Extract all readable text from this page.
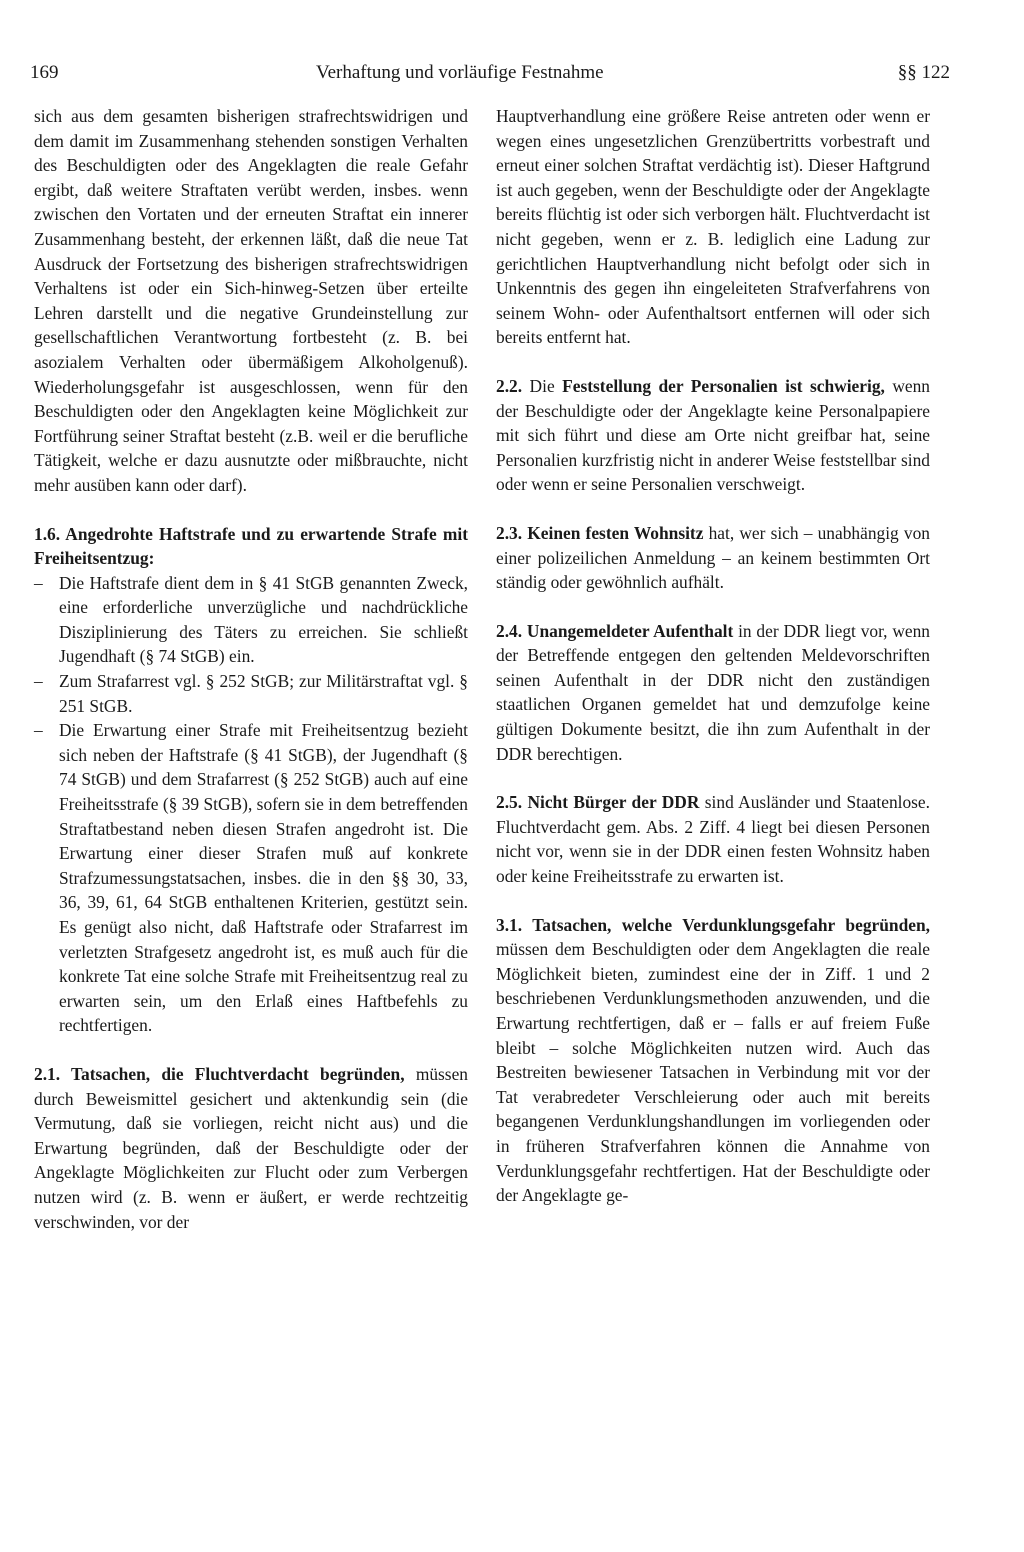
169	Verhaftung und vorläufige Festnahme	§§ 122

sich aus dem gesamten bisherigen strafrechtswidrigen und dem damit im Zusammenhang stehenden sonstigen Verhalten des Beschuldigten oder des Angeklagten die reale Gefahr ergibt, daß weitere Straftaten verübt werden, insbes. wenn zwischen den Vortaten und der erneuten Straftat ein innerer Zusammenhang besteht, der erkennen läßt, daß die neue Tat Ausdruck der Fortsetzung des bisherigen strafrechtswidrigen Verhaltens ist oder ein Sich-hinweg-Setzen über erteilte Lehren darstellt und die negative Grundeinstellung zur gesellschaftlichen Verantwortung fortbesteht (z. B. bei asozialem Verhalten oder übermäßigem Alkoholgenuß). Wiederholungsgefahr ist ausgeschlossen, wenn für den Beschuldigten oder den Angeklagten keine Möglichkeit zur Fortführung seiner Straftat besteht (z.B. weil er die berufliche Tätigkeit, welche er dazu ausnutzte oder mißbrauchte, nicht mehr ausüben kann oder darf).

1.6. Angedrohte Haftstrafe und zu erwartende Strafe mit Freiheitsentzug:

– Die Haftstrafe dient dem in § 41 StGB genannten Zweck, eine erforderliche unverzügliche und nachdrückliche Disziplinierung des Täters zu erreichen. Sie schließt Jugendhaft (§ 74 StGB) ein.
– Zum Strafarrest vgl. § 252 StGB; zur Militärstraftat vgl. § 251 StGB.
– Die Erwartung einer Strafe mit Freiheitsentzug bezieht sich neben der Haftstrafe (§ 41 StGB), der Jugendhaft (§ 74 StGB) und dem Strafarrest (§ 252 StGB) auch auf eine Freiheitsstrafe (§ 39 StGB), sofern sie in dem betreffenden Straftatbestand neben diesen Strafen angedroht ist. Die Erwartung einer dieser Strafen muß auf konkrete Strafzumessungstatsachen, insbes. die in den §§ 30, 33, 36, 39, 61, 64 StGB enthaltenen Kriterien, gestützt sein. Es genügt also nicht, daß Haftstrafe oder Strafarrest im verletzten Strafgesetz angedroht ist, es muß auch für die konkrete Tat eine solche Strafe mit Freiheitsentzug real zu erwarten sein, um den Erlaß eines Haftbefehls zu rechtfertigen.

2.1. Tatsachen, die Fluchtverdacht begründen, müssen durch Beweismittel gesichert und aktenkundig sein (die Vermutung, daß sie vorliegen, reicht nicht aus) und die Erwartung begründen, daß der Beschuldigte oder der Angeklagte Möglichkeiten zur Flucht oder zum Verbergen nutzen wird (z. B. wenn er äußert, er werde rechtzeitig verschwinden, vor der

Hauptverhandlung eine größere Reise antreten oder wenn er wegen eines ungesetzlichen Grenzübertritts vorbestraft und erneut einer solchen Straftat verdächtig ist). Dieser Haftgrund ist auch gegeben, wenn der Beschuldigte oder der Angeklagte bereits flüchtig ist oder sich verborgen hält. Fluchtverdacht ist nicht gegeben, wenn er z. B. lediglich eine Ladung zur gerichtlichen Hauptverhandlung nicht befolgt oder sich in Unkenntnis des gegen ihn eingeleiteten Strafverfahrens von seinem Wohn- oder Aufenthaltsort entfernen will oder sich bereits entfernt hat.

2.2. Die Feststellung der Personalien ist schwierig, wenn der Beschuldigte oder der Angeklagte keine Personalpapiere mit sich führt und diese am Orte nicht greifbar hat, seine Personalien kurzfristig nicht in anderer Weise feststellbar sind oder wenn er seine Personalien verschweigt.

2.3. Keinen festen Wohnsitz hat, wer sich – unabhängig von einer polizeilichen Anmeldung – an keinem bestimmten Ort ständig oder gewöhnlich aufhält.

2.4. Unangemeldeter Aufenthalt in der DDR liegt vor, wenn der Betreffende entgegen den geltenden Meldevorschriften seinen Aufenthalt in der DDR nicht den zuständigen staatlichen Organen gemeldet hat und demzufolge keine gültigen Dokumente besitzt, die ihn zum Aufenthalt in der DDR berechtigen.

2.5. Nicht Bürger der DDR sind Ausländer und Staatenlose. Fluchtverdacht gem. Abs. 2 Ziff. 4 liegt bei diesen Personen nicht vor, wenn sie in der DDR einen festen Wohnsitz haben oder keine Freiheitsstrafe zu erwarten ist.

3.1. Tatsachen, welche Verdunklungsgefahr begründen, müssen dem Beschuldigten oder dem Angeklagten die reale Möglichkeit bieten, zumindest eine der in Ziff. 1 und 2 beschriebenen Verdunklungsmethoden anzuwenden, und die Erwartung rechtfertigen, daß er – falls er auf freiem Fuße bleibt – solche Möglichkeiten nutzen wird. Auch das Bestreiten bewiesener Tatsachen in Verbindung mit vor der Tat verabredeter Verschleierung oder auch mit bereits begangenen Verdunklungshandlungen im vorliegenden oder in früheren Strafverfahren können die Annahme von Verdunklungsgefahr rechtfertigen. Hat der Beschuldigte oder der Angeklagte ge-
